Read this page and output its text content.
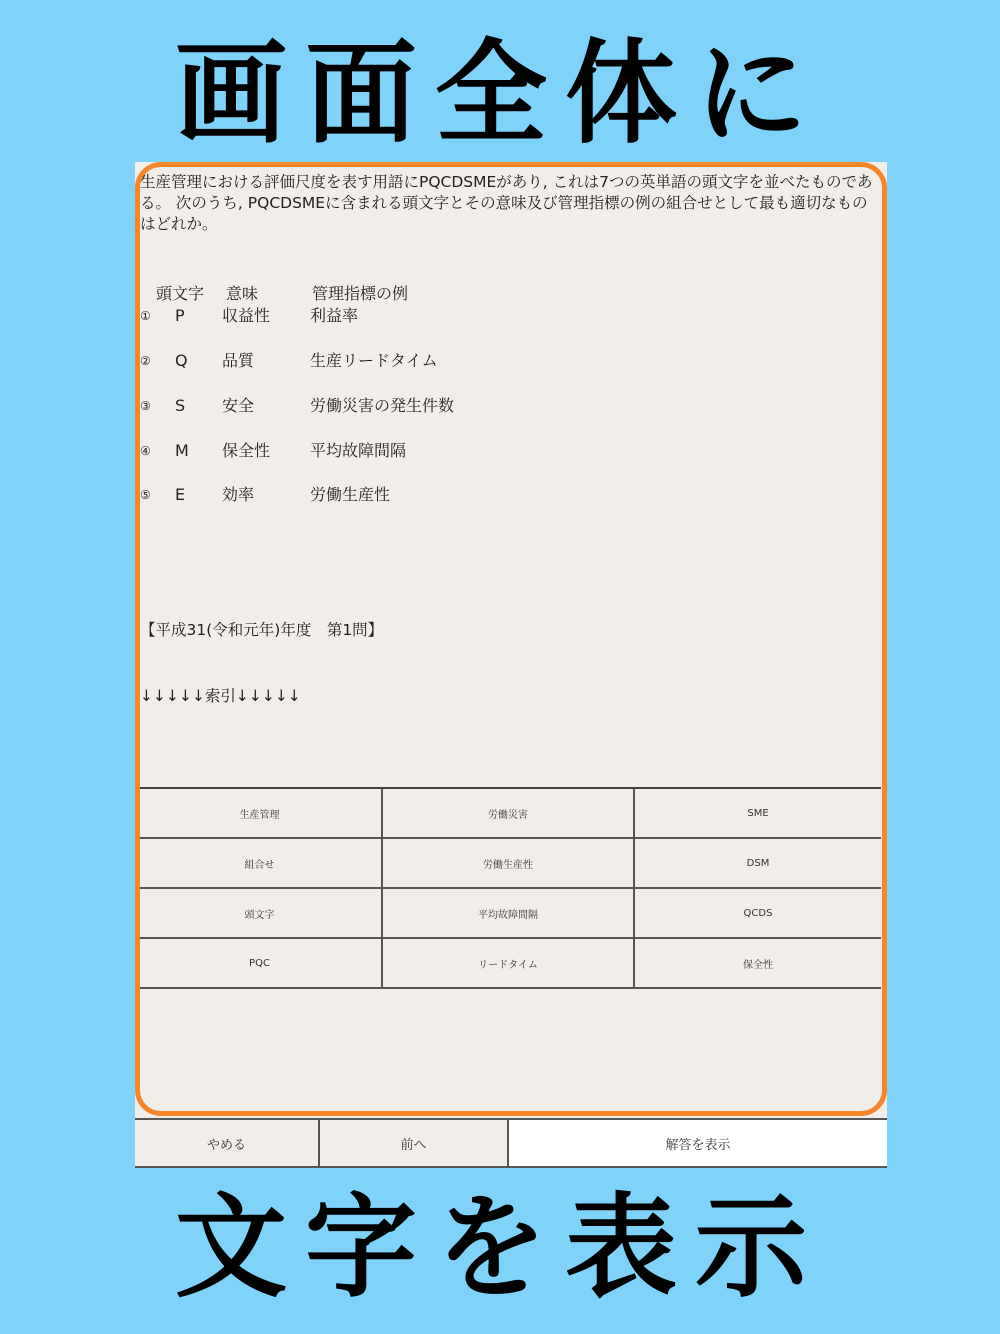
画面全体に
生産管理における評価尺度を表す用語にPQCDSMEがあり, これは7つの英単語の頭文字を並べたものである。 次のうち, PQCDSMEに含まれる頭文字とその意味及び管理指標の例の組合せとして最も適切なものはどれか。
頭文字 意味	管理指標の例
① P 収益性 利益率
② Q 品質	生産リードタイム
③ S 安全	労働災害の発生件数
④ M 保全性 平均故障間隔
⑤ E 効率	労働生産性
【平成31(令和元年)年度　第1問】
↓↓↓↓↓索引↓↓↓↓↓
生産管理	労働災害	SME
組合せ	労働生産性	DSM
頭文字	平均故障間隔	QCDS
PQC	リードタイム	保全性
やめる	前へ	解答を表示
文字を表示
